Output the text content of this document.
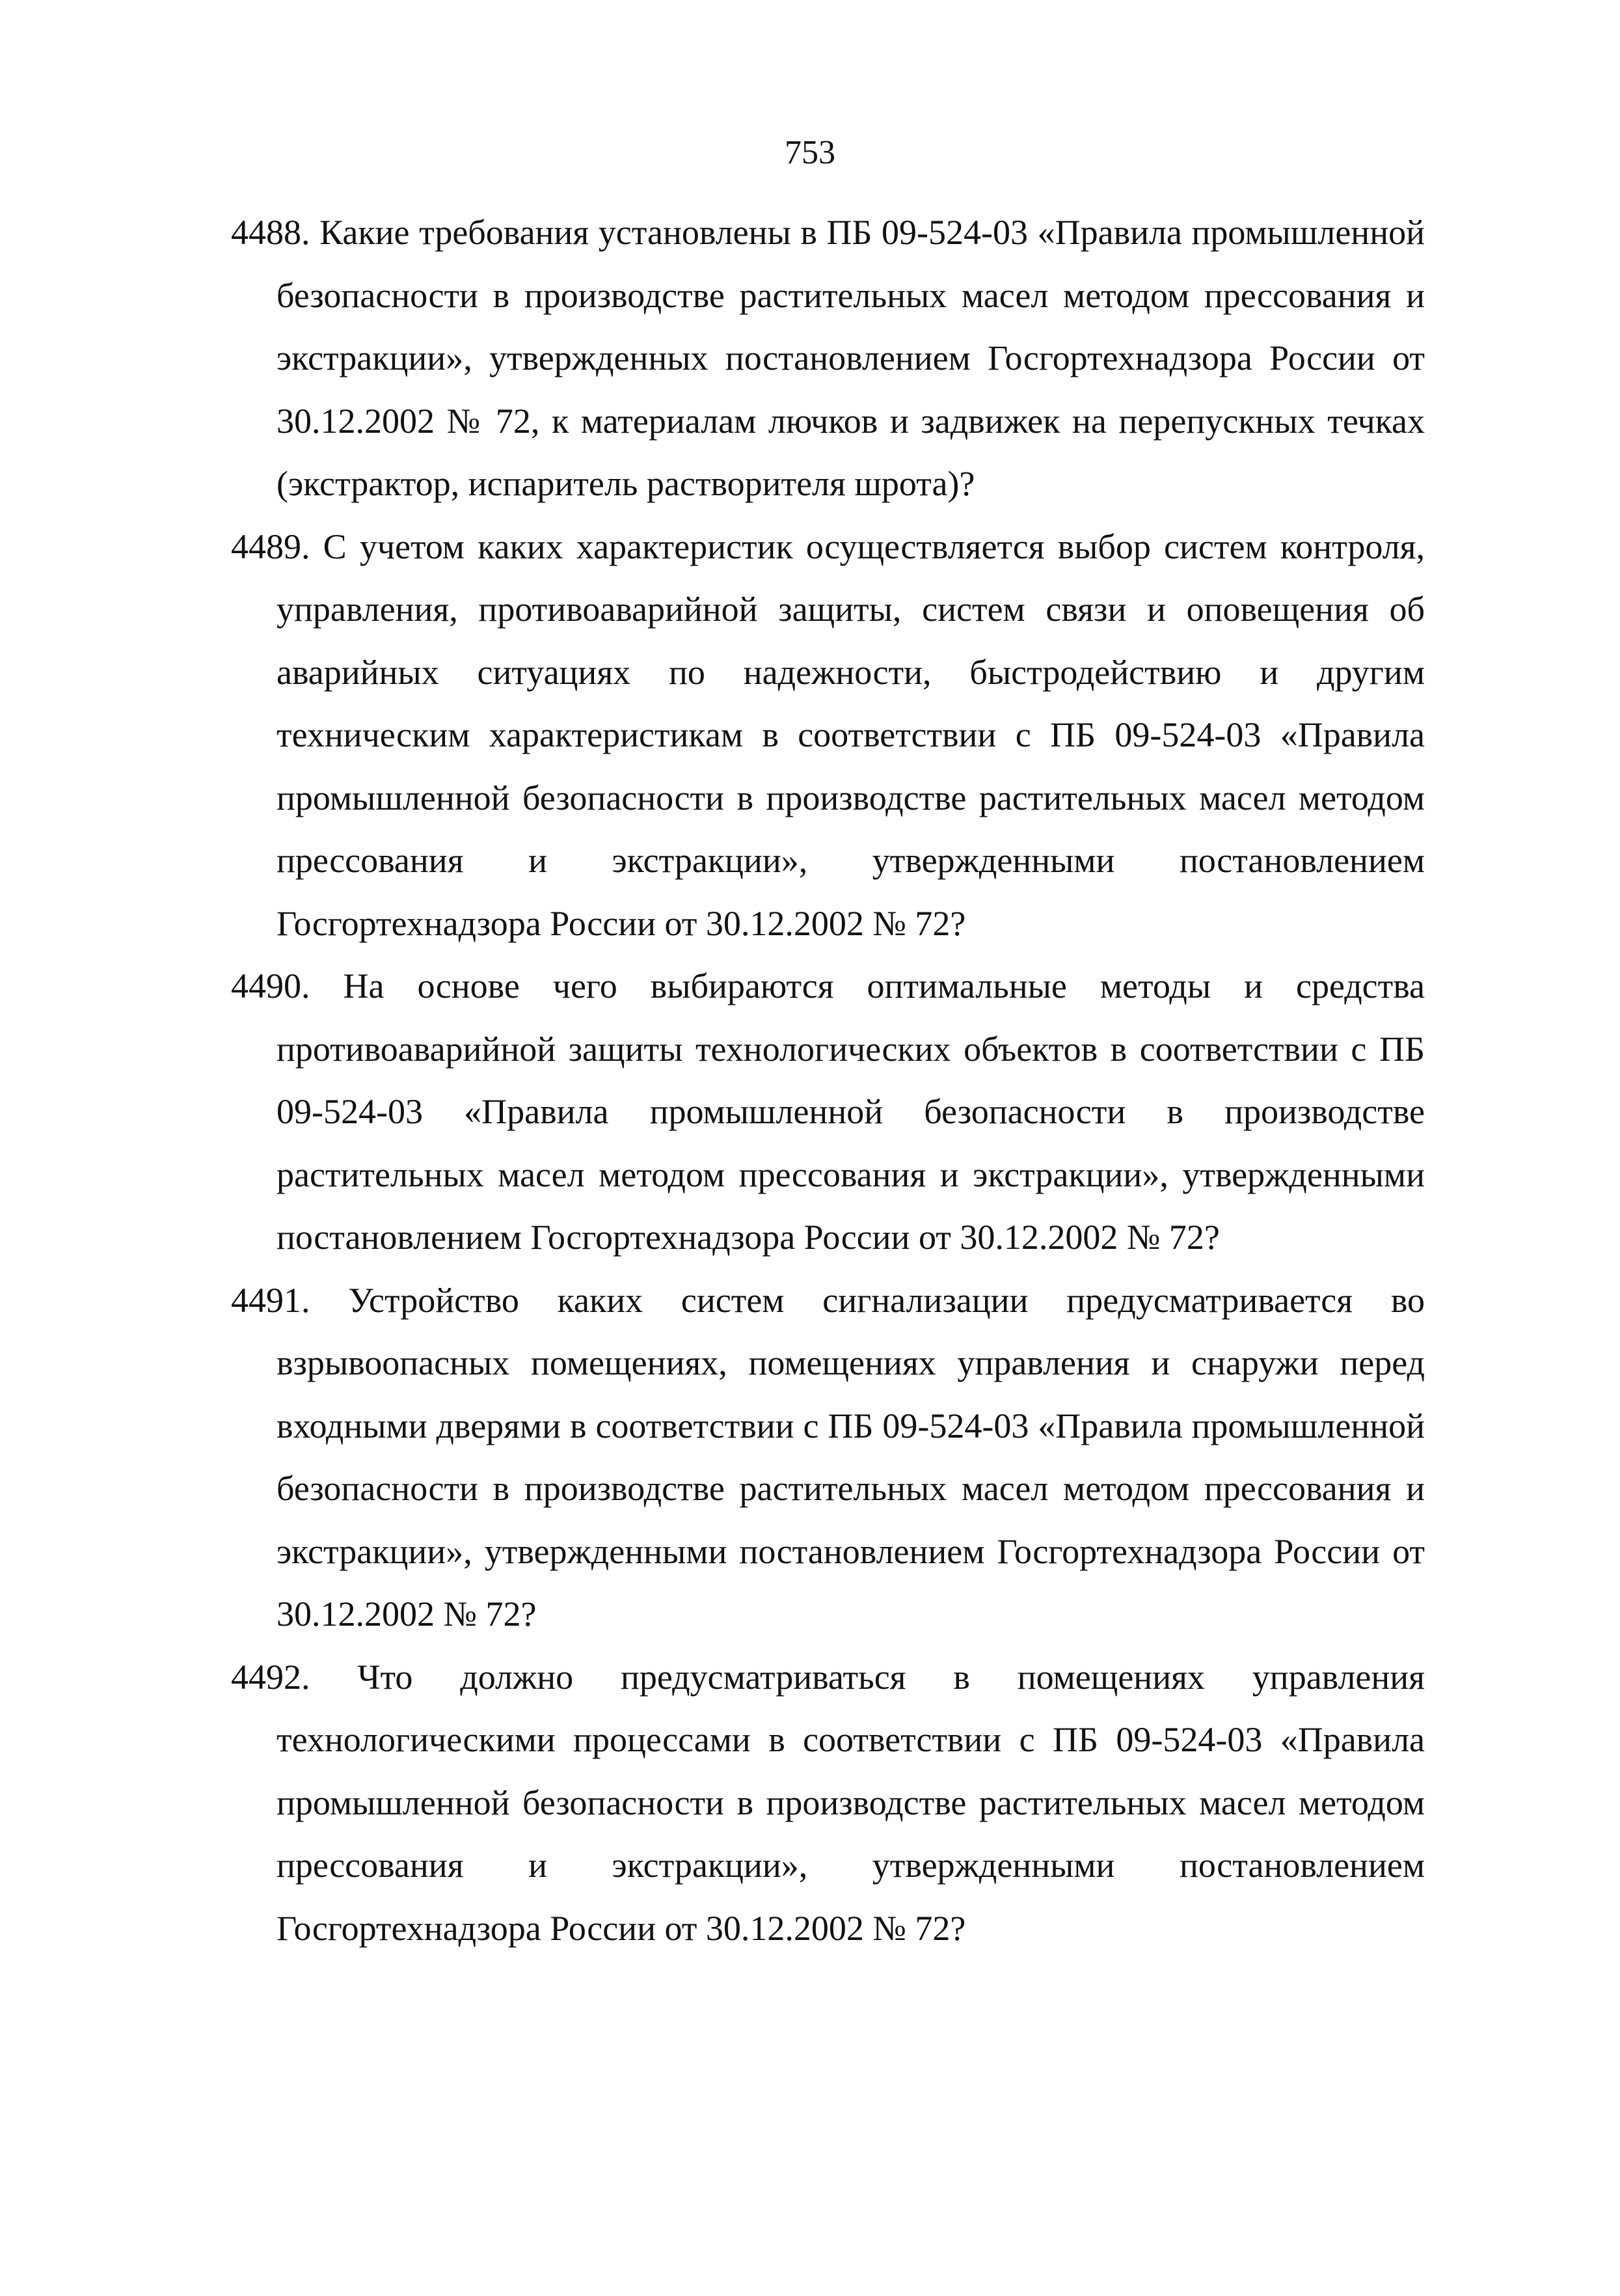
753

4488. Какие требования установлены в ПБ 09-524-03 «Правила промышленной безопасности в производстве растительных масел методом прессования и экстракции», утвержденных постановлением Госгортехнадзора России от 30.12.2002 № 72, к материалам лючков и задвижек на перепускных течках (экстрактор, испаритель растворителя шрота)?

4489. С учетом каких характеристик осуществляется выбор систем контроля, управления, противоаварийной защиты, систем связи и оповещения об аварийных ситуациях по надежности, быстродействию и другим техническим характеристикам в соответствии с ПБ 09-524-03 «Правила промышленной безопасности в производстве растительных масел методом прессования и экстракции», утвержденными постановлением Госгортехнадзора России от 30.12.2002 № 72?

4490. На основе чего выбираются оптимальные методы и средства противоаварийной защиты технологических объектов в соответствии с ПБ 09-524-03 «Правила промышленной безопасности в производстве растительных масел методом прессования и экстракции», утвержденными постановлением Госгортехнадзора России от 30.12.2002 № 72?

4491. Устройство каких систем сигнализации предусматривается во взрывоопасных помещениях, помещениях управления и снаружи перед входными дверями в соответствии с ПБ 09-524-03 «Правила промышленной безопасности в производстве растительных масел методом прессования и экстракции», утвержденными постановлением Госгортехнадзора России от 30.12.2002 № 72?

4492. Что должно предусматриваться в помещениях управления технологическими процессами в соответствии с ПБ 09-524-03 «Правила промышленной безопасности в производстве растительных масел методом прессования и экстракции», утвержденными постановлением Госгортехнадзора России от 30.12.2002 № 72?
